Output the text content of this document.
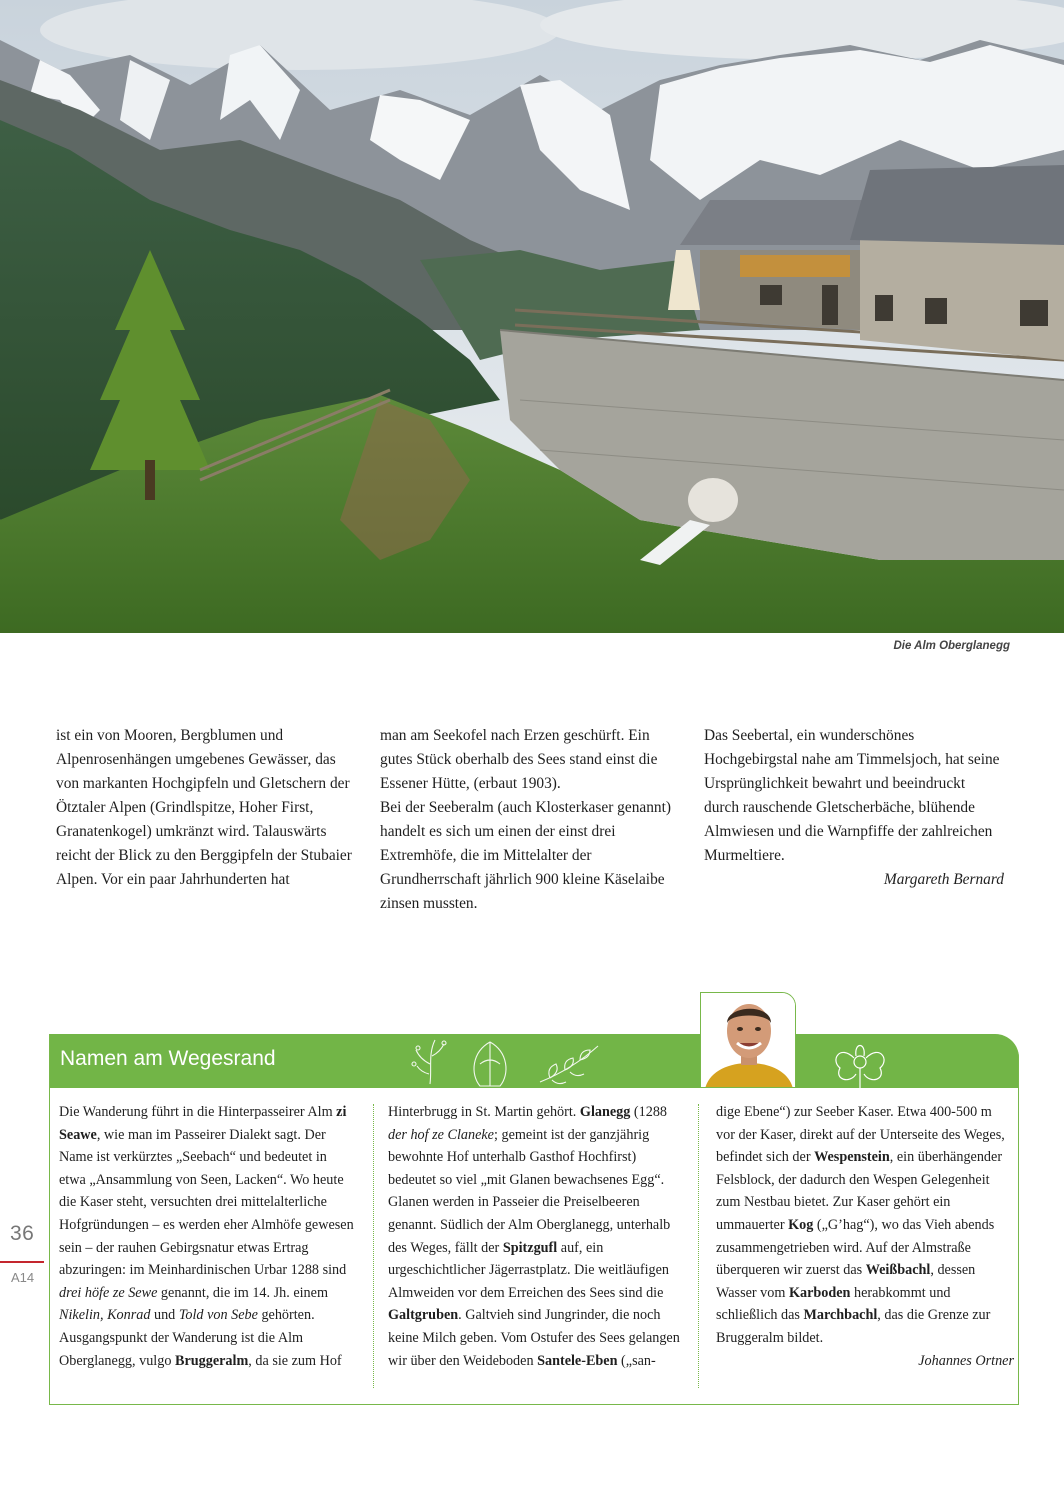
Die Alm Oberglanegg

ist ein von Mooren, Bergblumen und Alpenrosenhängen umgebenes Gewässer, das von markanten Hochgipfeln und Gletschern der Ötztaler Alpen (Grindlspitze, Hoher First, Granatenkogel) umkränzt wird. Talauswärts reicht der Blick zu den Berggipfeln der Stubaier Alpen. Vor ein paar Jahrhunderten hat

man am Seekofel nach Erzen geschürft. Ein gutes Stück oberhalb des Sees stand einst die Essener Hütte, (erbaut 1903).

Bei der Seeberalm (auch Klosterkaser genannt) handelt es sich um einen der einst drei Extremhöfe, die im Mittelalter der Grundherrschaft jährlich 900 kleine Käselaibe zinsen mussten.

Das Seebertal, ein wunderschönes Hochgebirgstal nahe am Timmelsjoch, hat seine Ursprünglichkeit bewahrt und beeindruckt durch rauschende Gletscherbäche, blühende Almwiesen und die Warnpfiffe der zahlreichen Murmeltiere.

Margareth Bernard

36
A14
Namen am Wegesrand

Die Wanderung führt in die Hinterpasseirer Alm zi Seawe, wie man im Passeirer Dialekt sagt. Der Name ist verkürztes „Seebach“ und bedeutet in etwa „Ansammlung von Seen, Lacken“. Wo heute die Kaser steht, versuchten drei mittelalterliche Hofgründungen – es werden eher Almhöfe gewesen sein – der rauhen Gebirgsnatur etwas Ertrag abzuringen: im Meinhardinischen Urbar 1288 sind drei höfe ze Sewe genannt, die im 14. Jh. einem Nikelin, Konrad und Told von Sebe gehörten. Ausgangspunkt der Wanderung ist die Alm Oberglanegg, vulgo Bruggeralm, da sie zum Hof

Hinterbrugg in St. Martin gehört. Glanegg (1288 der hof ze Claneke; gemeint ist der ganzjährig bewohnte Hof unterhalb Gasthof Hochfirst) bedeutet so viel „mit Glanen bewachsenes Egg“. Glanen werden in Passeier die Preiselbeeren genannt. Südlich der Alm Oberglanegg, unterhalb des Weges, fällt der Spitzgufl auf, ein urgeschichtlicher Jägerrastplatz. Die weitläufigen Almweiden vor dem Erreichen des Sees sind die Galtgruben. Galtvieh sind Jungrinder, die noch keine Milch geben. Vom Ostufer des Sees gelangen wir über den Weideboden Santele-Eben („san-

dige Ebene“) zur Seeber Kaser. Etwa 400-500 m vor der Kaser, direkt auf der Unterseite des Weges, befindet sich der Wespenstein, ein überhängender Felsblock, der dadurch den Wespen Gelegenheit zum Nestbau bietet. Zur Kaser gehört ein ummauerter Kog („G’hag“), wo das Vieh abends zusammengetrieben wird. Auf der Almstraße überqueren wir zuerst das Weißbachl, dessen Wasser vom Karboden herabkommt und schließlich das Marchbachl, das die Grenze zur Bruggeralm bildet.

Johannes Ortner
